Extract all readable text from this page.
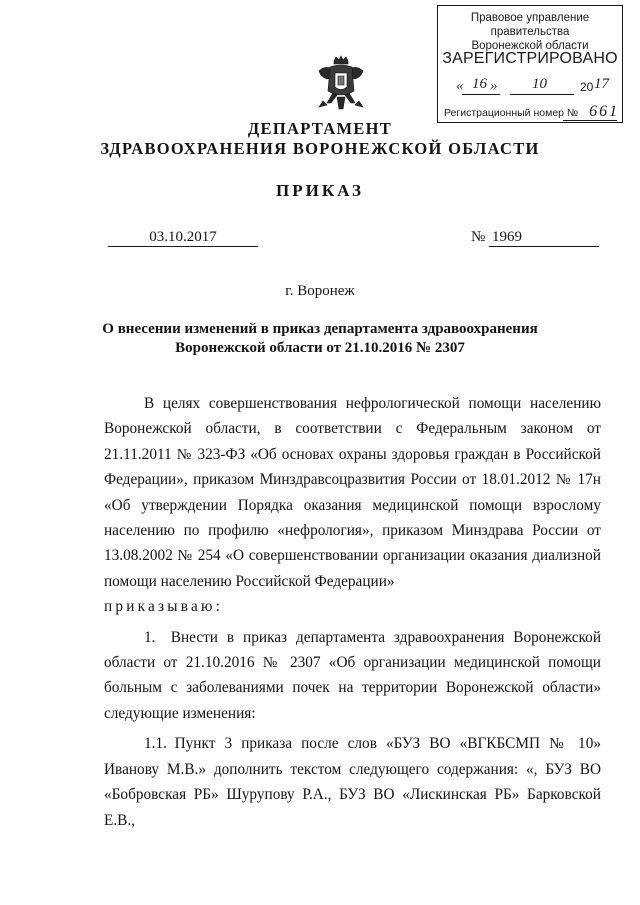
Правовое управление правительства
Воронежской области
ЗАРЕГИСТРИРОВАНО
« 16 » 10	20 17
Регистрационный номер № 661
ДЕПАРТАМЕНТ
ЗДРАВООХРАНЕНИЯ ВОРОНЕЖСКОЙ ОБЛАСТИ
ПРИКАЗ
03.10.2017	№ 1969
г. Воронеж
О внесении изменений в приказ департамента здравоохранения
Воронежской области от 21.10.2016 № 2307

В целях совершенствования нефрологической помощи населению Воронежской области, в соответствии с Федеральным законом от 21.11.2011 № 323-ФЗ «Об основах охраны здоровья граждан в Российской Федерации», приказом Минздравсоцразвития России от 18.01.2012 № 17н «Об утверждении Порядка оказания медицинской помощи взрослому населению по профилю «нефрология», приказом Минздрава России от 13.08.2002 № 254 «О совершенствовании организации оказания диализной помощи населению Российской Федерации»

приказываю:

1. Внести в приказ департамента здравоохранения Воронежской области от 21.10.2016 № 2307 «Об организации медицинской помощи больным с заболеваниями почек на территории Воронежской области» следующие изменения:

1.1. Пункт 3 приказа после слов «БУЗ ВО «ВГКБСМП № 10» Иванову М.В.» дополнить текстом следующего содержания: «, БУЗ ВО «Бобровская РБ» Шурупову Р.А., БУЗ ВО «Лискинская РБ» Барковской Е.В.,
